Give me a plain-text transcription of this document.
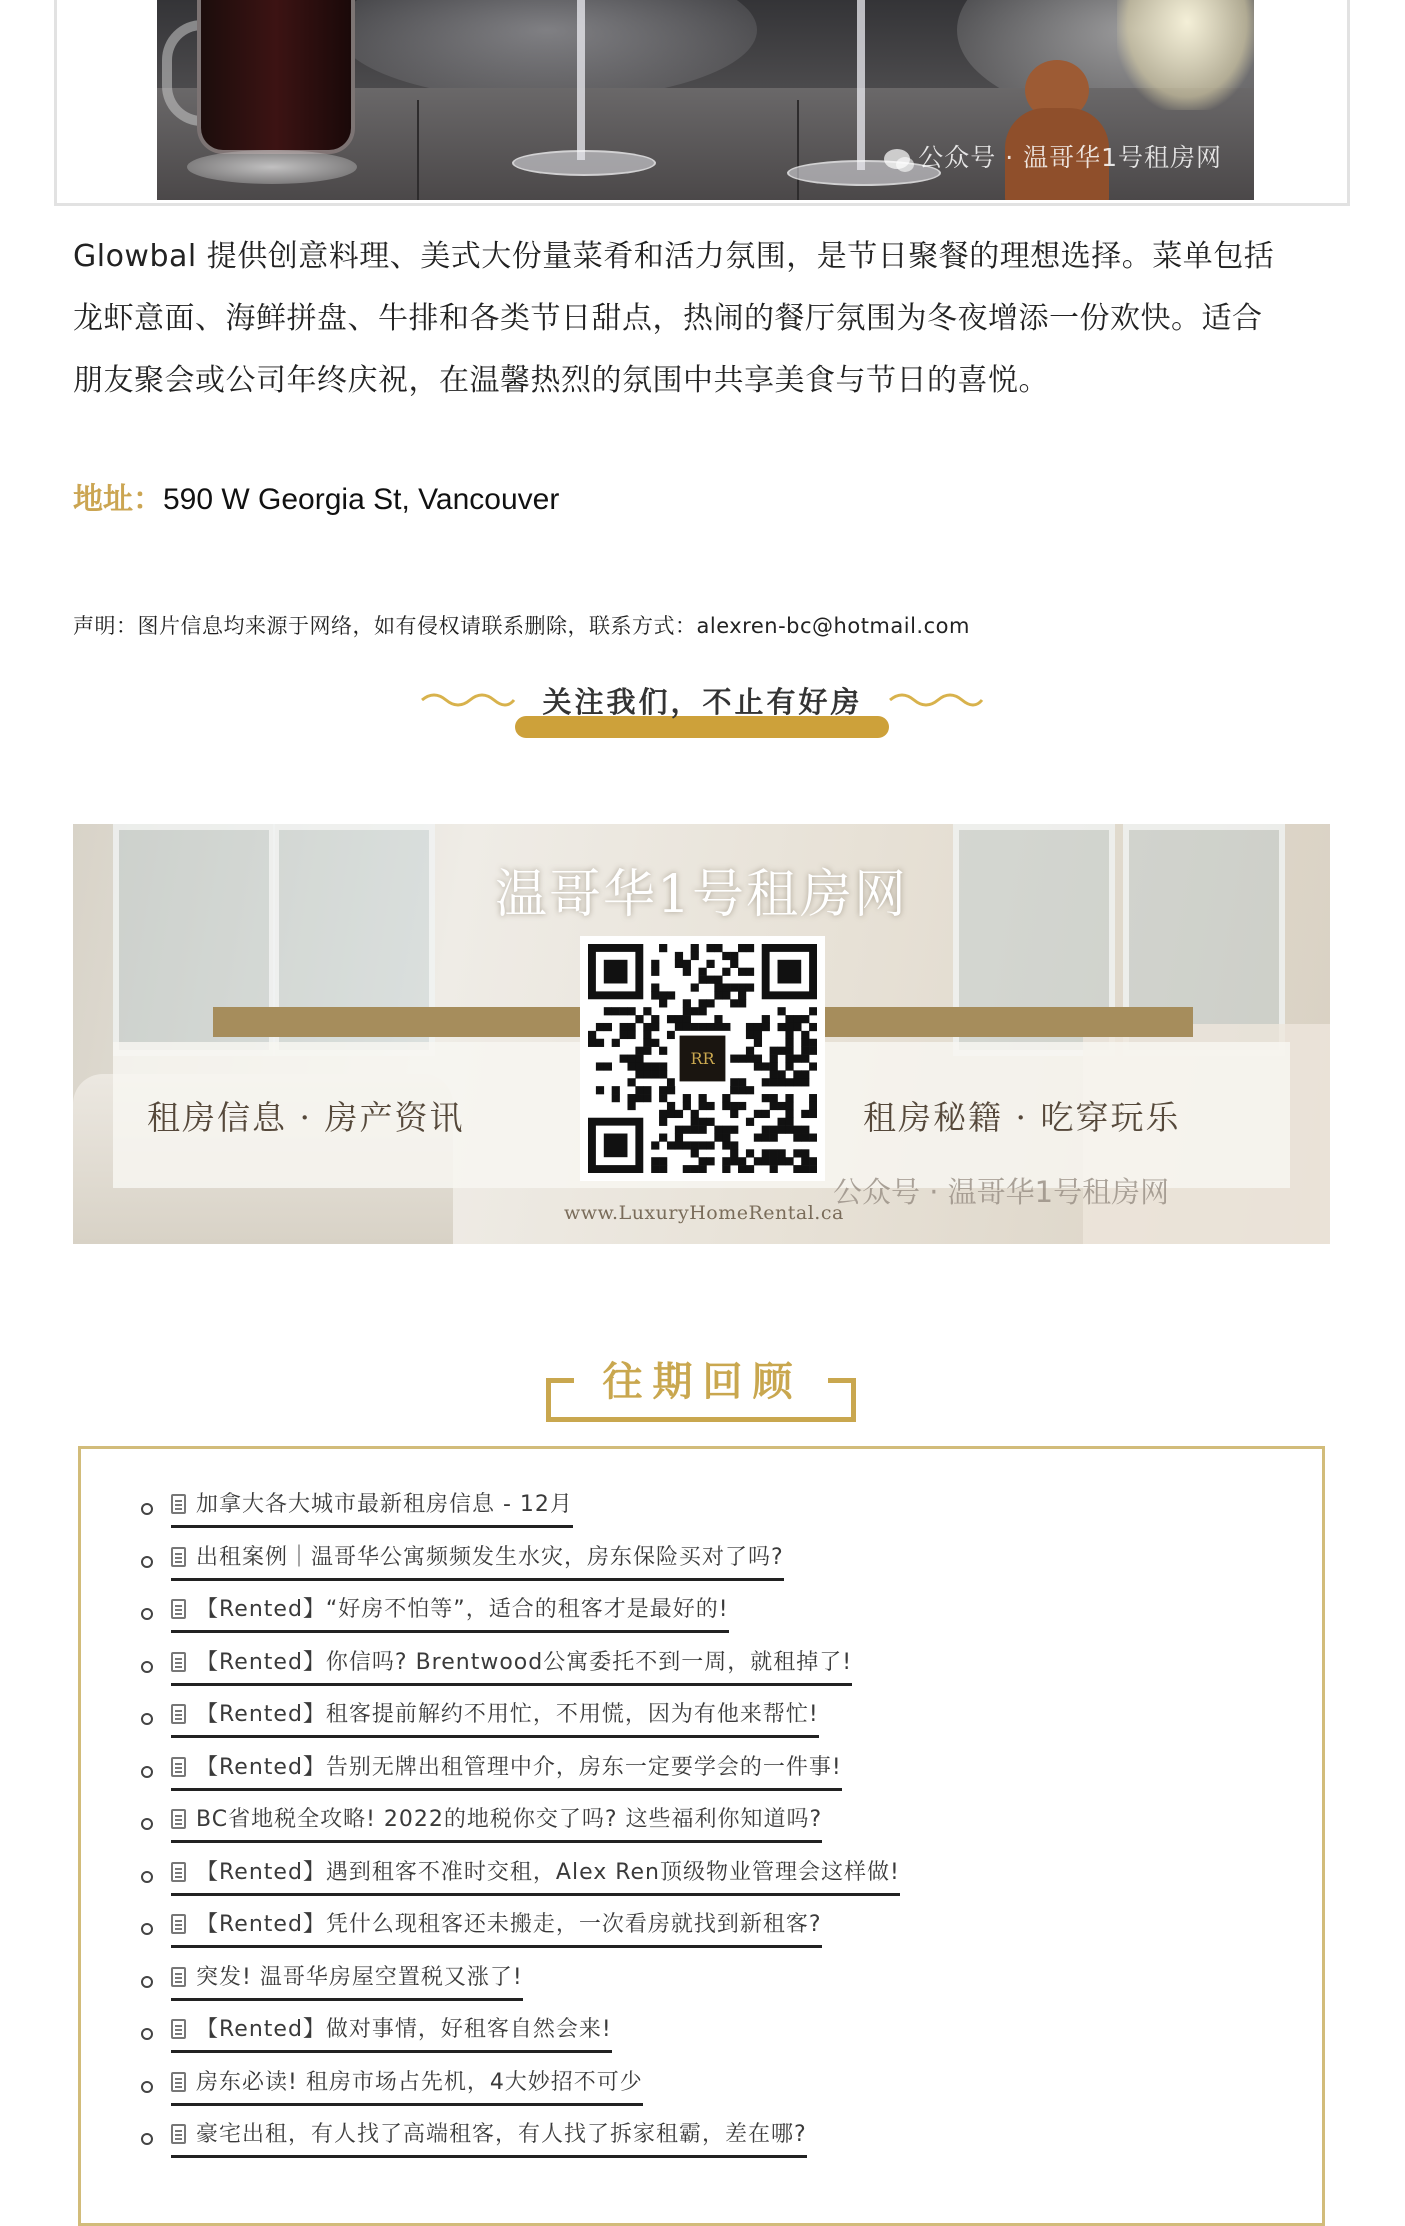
公众号 · 温哥华1号租房网

Glowbal 提供创意料理、美式大份量菜肴和活力氛围，是节日聚餐的理想选择。菜单包括
龙虾意面、海鲜拼盘、牛排和各类节日甜点，热闹的餐厅氛围为冬夜增添一份欢快。适合
朋友聚会或公司年终庆祝，在温馨热烈的氛围中共享美食与节日的喜悦。

地址：590 W Georgia St, Vancouver
声明：图片信息均来源于网络，如有侵权请联系删除，联系方式：alexren-bc@hotmail.com
关注我们，不止有好房
温哥华1号租房网
租房信息 · 房产资讯	租房秘籍 · 吃穿玩乐
RR
公众号 · 温哥华1号租房网
www.LuxuryHomeRental.ca
往期回顾
加拿大各大城市最新租房信息 - 12月
出租案例｜温哥华公寓频频发生水灾，房东保险买对了吗?
【Rented】“好房不怕等”，适合的租客才是最好的!
【Rented】你信吗? Brentwood公寓委托不到一周，就租掉了!
【Rented】租客提前解约不用忙，不用慌，因为有他来帮忙!
【Rented】告别无牌出租管理中介，房东一定要学会的一件事!
BC省地税全攻略! 2022的地税你交了吗? 这些福利你知道吗?
【Rented】遇到租客不准时交租，Alex Ren顶级物业管理会这样做!
【Rented】凭什么现租客还未搬走，一次看房就找到新租客?
突发! 温哥华房屋空置税又涨了!
【Rented】做对事情，好租客自然会来!
房东必读! 租房市场占先机，4大妙招不可少
豪宅出租，有人找了高端租客，有人找了拆家租霸，差在哪?
